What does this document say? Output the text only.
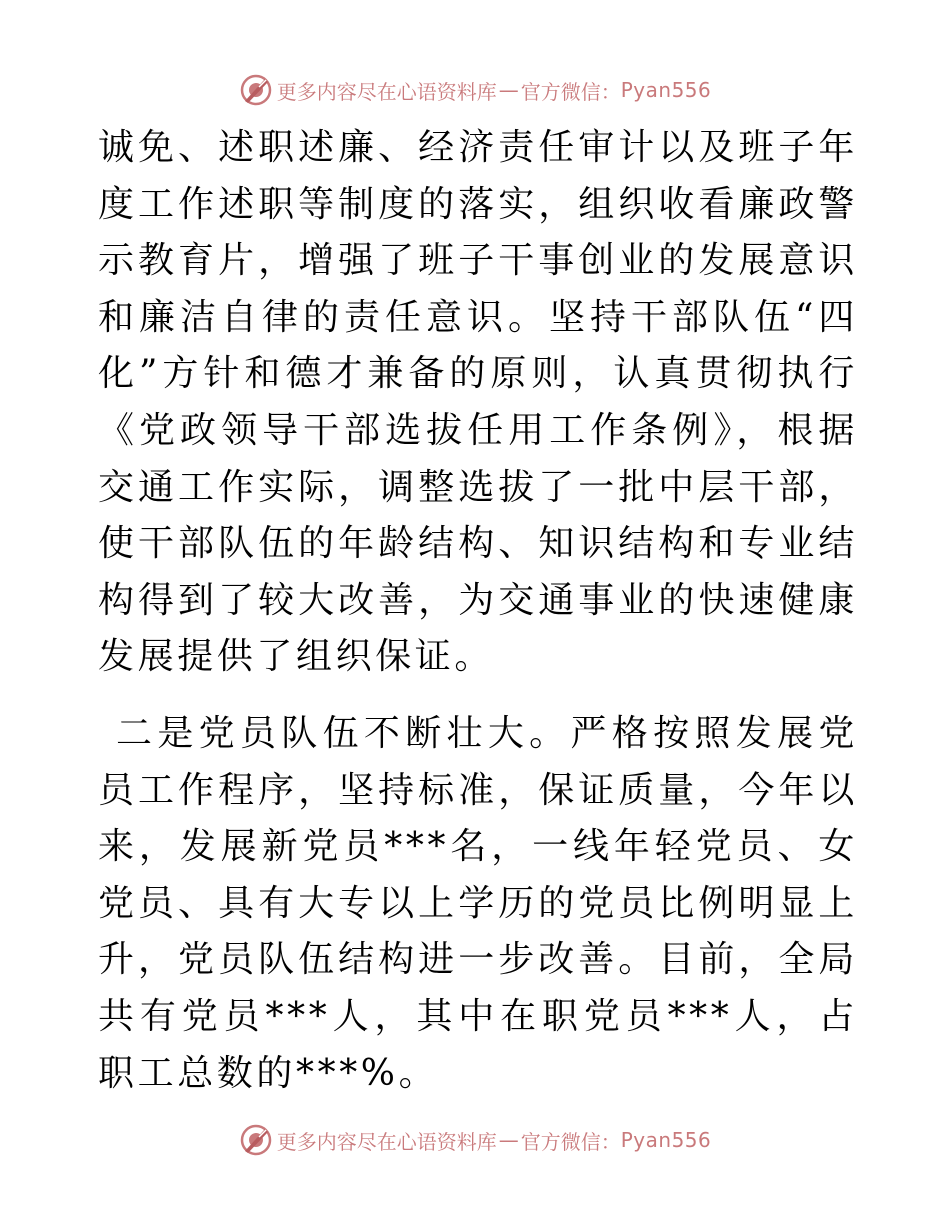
更多内容尽在心语资料库 — 官方微信： Pyan556

诚免、述职述廉、经济责任审计以及班子年度工作述职等制度的落实，组织收看廉政警示教育片，增强了班子干事创业的发展意识和廉洁自律的责任意识。坚持干部队伍“四化”方针和德才兼备的原则，认真贯彻执行《党政领导干部选拔任用工作条例》，根据交通工作实际，调整选拔了一批中层干部，使干部队伍的年龄结构、知识结构和专业结构得到了较大改善，为交通事业的快速健康发展提供了组织保证。

二是党员队伍不断壮大。严格按照发展党员工作程序，坚持标准，保证质量，今年以来，发展新党员***名，一线年轻党员、女党员、具有大专以上学历的党员比例明显上升，党员队伍结构进一步改善。目前，全局共有党员***人，其中在职党员***人，占职工总数的***%。

更多内容尽在心语资料库 — 官方微信： Pyan556
